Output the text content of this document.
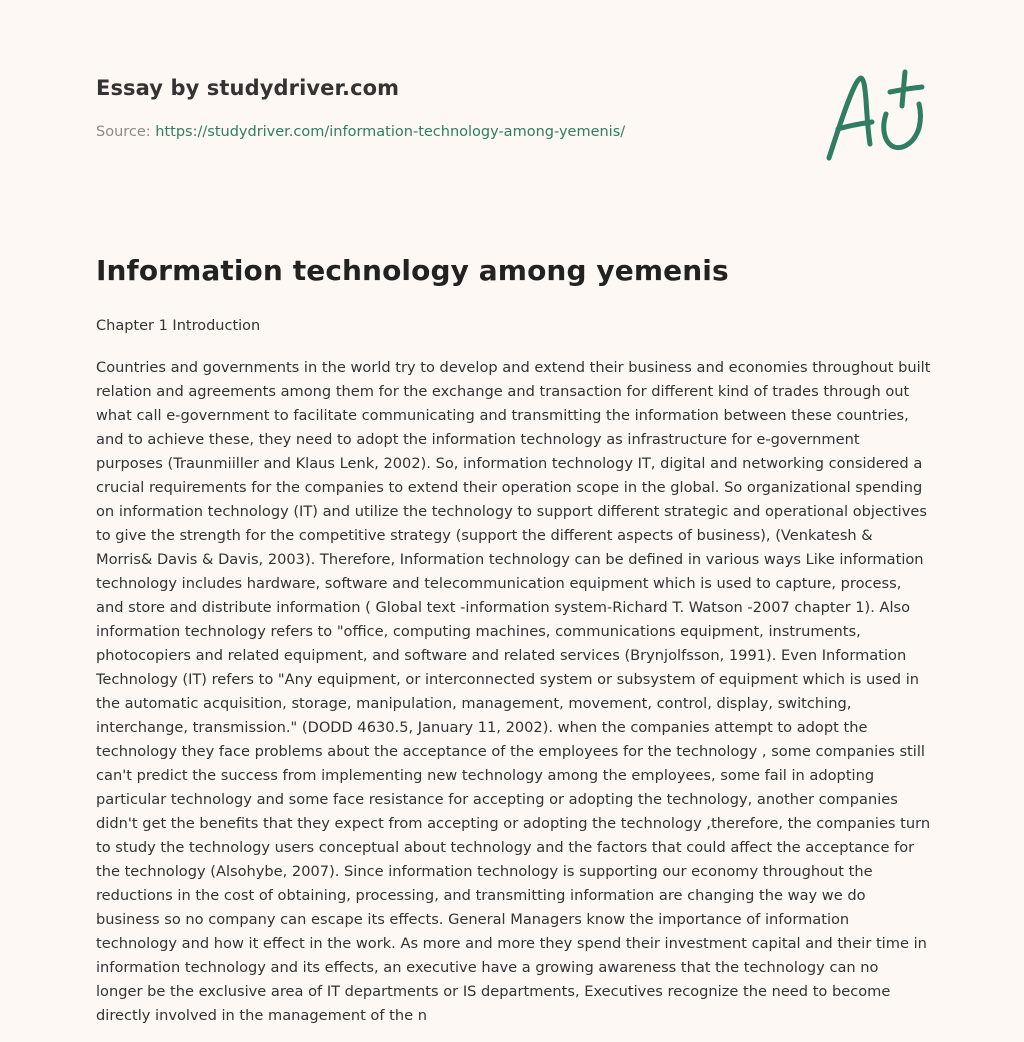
Essay by studydriver.com
Source: https://studydriver.com/information-technology-among-yemenis/
Information technology among yemenis
Chapter 1 Introduction
Countries and governments in the world try to develop and extend their business and economies throughout built
relation and agreements among them for the exchange and transaction for different kind of trades through out
what call e-government to facilitate communicating and transmitting the information between these countries,
and to achieve these, they need to adopt the information technology as infrastructure for e-government
purposes (Traunmiiller and Klaus Lenk, 2002). So, information technology IT, digital and networking considered a
crucial requirements for the companies to extend their operation scope in the global. So organizational spending
on information technology (IT) and utilize the technology to support different strategic and operational objectives
to give the strength for the competitive strategy (support the different aspects of business), (Venkatesh &
Morris& Davis & Davis, 2003). Therefore, Information technology can be defined in various ways Like information
technology includes hardware, software and telecommunication equipment which is used to capture, process,
and store and distribute information ( Global text -information system-Richard T. Watson -2007 chapter 1). Also
information technology refers to "office, computing machines, communications equipment, instruments,
photocopiers and related equipment, and software and related services (Brynjolfsson, 1991). Even Information
Technology (IT) refers to "Any equipment, or interconnected system or subsystem of equipment which is used in
the automatic acquisition, storage, manipulation, management, movement, control, display, switching,
interchange, transmission." (DODD 4630.5, January 11, 2002). when the companies attempt to adopt the
technology they face problems about the acceptance of the employees for the technology , some companies still
can't predict the success from implementing new technology among the employees, some fail in adopting
particular technology and some face resistance for accepting or adopting the technology, another companies
didn't get the benefits that they expect from accepting or adopting the technology ,therefore, the companies turn
to study the technology users conceptual about technology and the factors that could affect the acceptance for
the technology (Alsohybe, 2007). Since information technology is supporting our economy throughout the
reductions in the cost of obtaining, processing, and transmitting information are changing the way we do
business so no company can escape its effects. General Managers know the importance of information
technology and how it effect in the work. As more and more they spend their investment capital and their time in
information technology and its effects, an executive have a growing awareness that the technology can no
longer be the exclusive area of IT departments or IS departments, Executives recognize the need to become
directly involved in the management of the n
